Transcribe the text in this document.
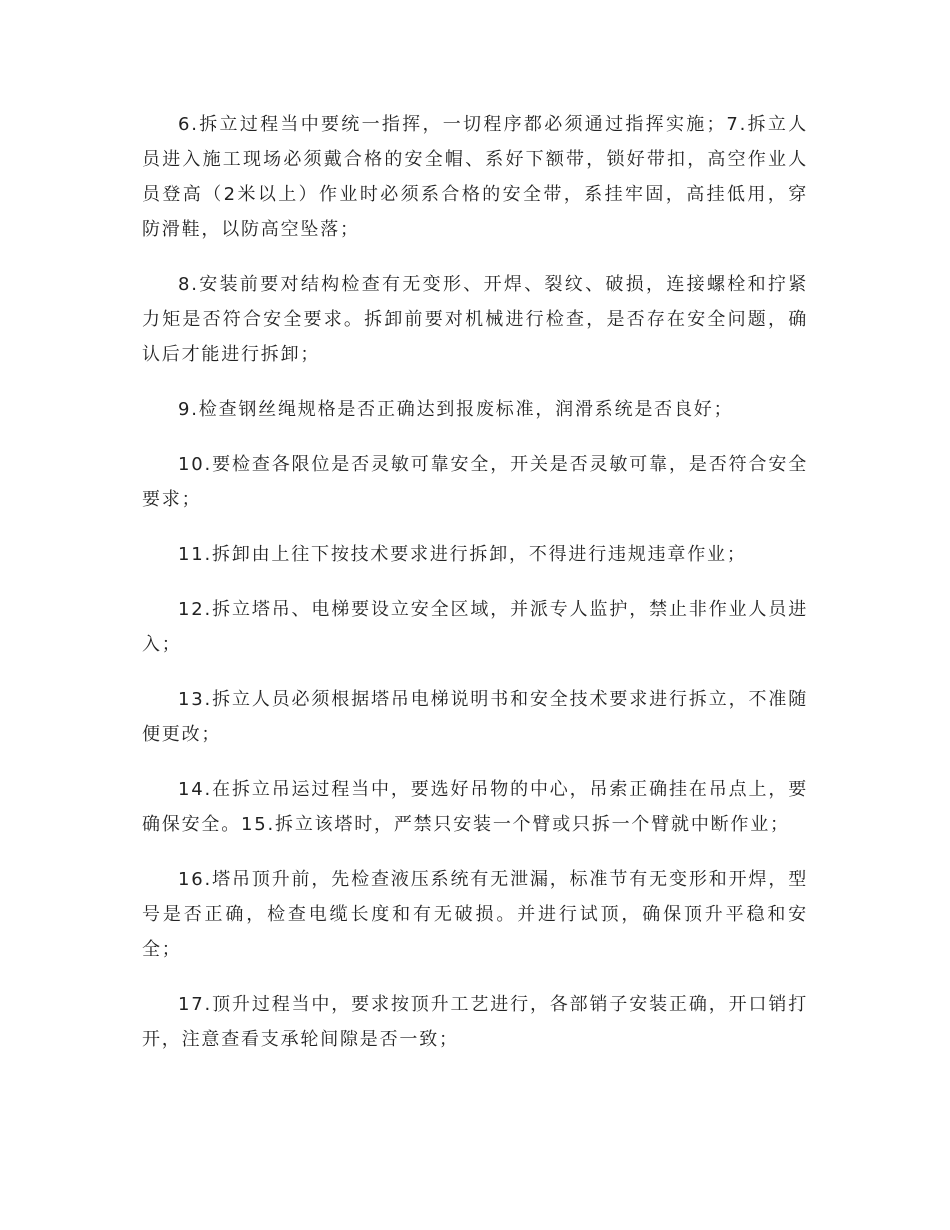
6.拆立过程当中要统一指挥，一切程序都必须通过指挥实施；7.拆立人员进入施工现场必须戴合格的安全帽、系好下额带，锁好带扣，高空作业人员登高（2米以上）作业时必须系合格的安全带，系挂牢固，高挂低用，穿防滑鞋，以防高空坠落；

8.安装前要对结构检查有无变形、开焊、裂纹、破损，连接螺栓和拧紧力矩是否符合安全要求。拆卸前要对机械进行检查，是否存在安全问题，确认后才能进行拆卸；

9.检查钢丝绳规格是否正确达到报废标准，润滑系统是否良好；

10.要检查各限位是否灵敏可靠安全，开关是否灵敏可靠，是否符合安全要求；

11.拆卸由上往下按技术要求进行拆卸，不得进行违规违章作业；

12.拆立塔吊、电梯要设立安全区域，并派专人监护，禁止非作业人员进入；

13.拆立人员必须根据塔吊电梯说明书和安全技术要求进行拆立，不准随便更改；

14.在拆立吊运过程当中，要选好吊物的中心，吊索正确挂在吊点上，要确保安全。15.拆立该塔时，严禁只安装一个臂或只拆一个臂就中断作业；

16.塔吊顶升前，先检查液压系统有无泄漏，标准节有无变形和开焊，型号是否正确，检查电缆长度和有无破损。并进行试顶，确保顶升平稳和安全；

17.顶升过程当中，要求按顶升工艺进行，各部销子安装正确，开口销打开，注意查看支承轮间隙是否一致；
